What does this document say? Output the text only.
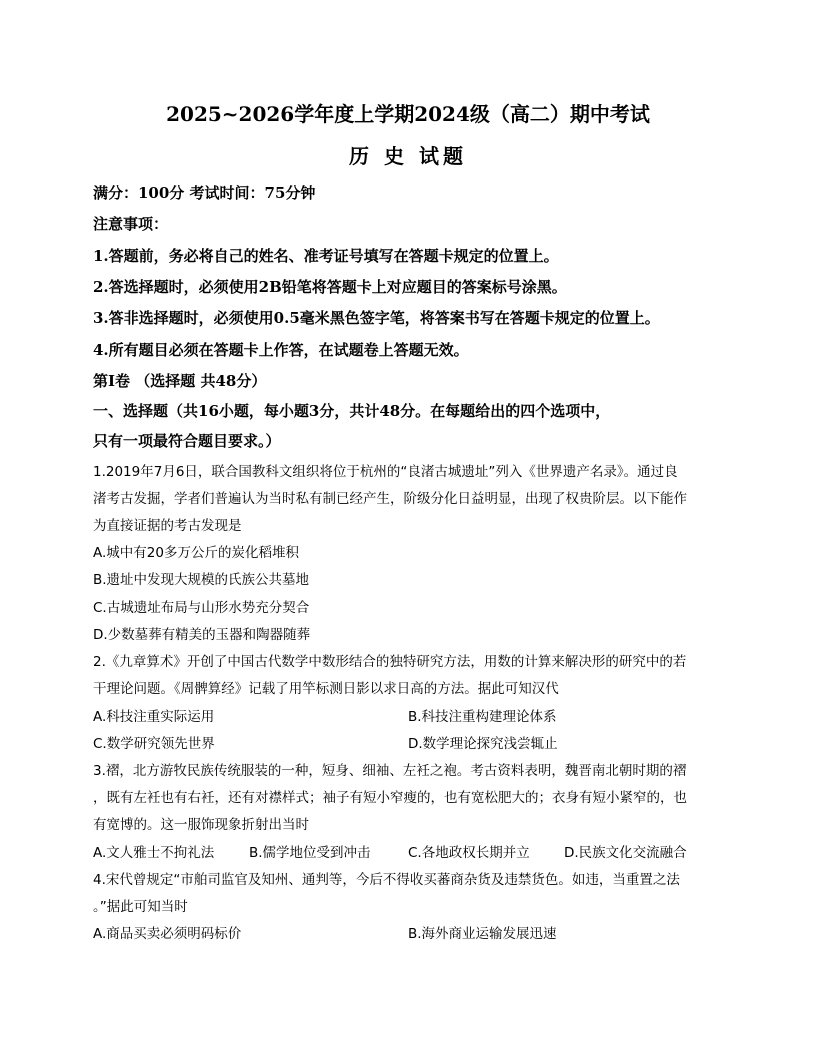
2025~2026学年度上学期2024级（高二）期中考试
历 史 试题
满分：100分 考试时间：75分钟
注意事项：
1.答题前，务必将自己的姓名、准考证号填写在答题卡规定的位置上。
2.答选择题时，必须使用2B铅笔将答题卡上对应题目的答案标号涂黑。
3.答非选择题时，必须使用0.5毫米黑色签字笔，将答案书写在答题卡规定的位置上。
4.所有题目必须在答题卡上作答，在试题卷上答题无效。
第Ⅰ卷 （选择题 共48分）
一、选择题（共16小题，每小题3分，共计48分。在每题给出的四个选项中，
只有一项最符合题目要求。）
1.2019年7月6日，联合国教科文组织将位于杭州的“良渚古城遗址”列入《世界遗产名录》。通过良
渚考古发掘，学者们普遍认为当时私有制已经产生，阶级分化日益明显，出现了权贵阶层。以下能作
为直接证据的考古发现是
A.城中有20多万公斤的炭化稻堆积
B.遗址中发现大规模的氏族公共墓地
C.古城遗址布局与山形水势充分契合
D.少数墓葬有精美的玉器和陶器随葬
2.《九章算术》开创了中国古代数学中数形结合的独特研究方法，用数的计算来解决形的研究中的若
干理论问题。《周髀算经》记载了用竿标测日影以求日高的方法。据此可知汉代
A.科技注重实际运用	B.科技注重构建理论体系
C.数学研究领先世界	D.数学理论探究浅尝辄止
3.褶，北方游牧民族传统服装的一种，短身、细袖、左衽之袍。考古资料表明，魏晋南北朝时期的褶
，既有左衽也有右衽，还有对襟样式；袖子有短小窄瘦的，也有宽松肥大的；衣身有短小紧窄的，也
有宽博的。这一服饰现象折射出当时
A.文人雅士不拘礼法	B.儒学地位受到冲击	C.各地政权长期并立	D.民族文化交流融合
4.宋代曾规定“市舶司监官及知州、通判等，今后不得收买蕃商杂货及违禁货色。如违，当重置之法
。”据此可知当时
A.商品买卖必须明码标价	B.海外商业运输发展迅速
